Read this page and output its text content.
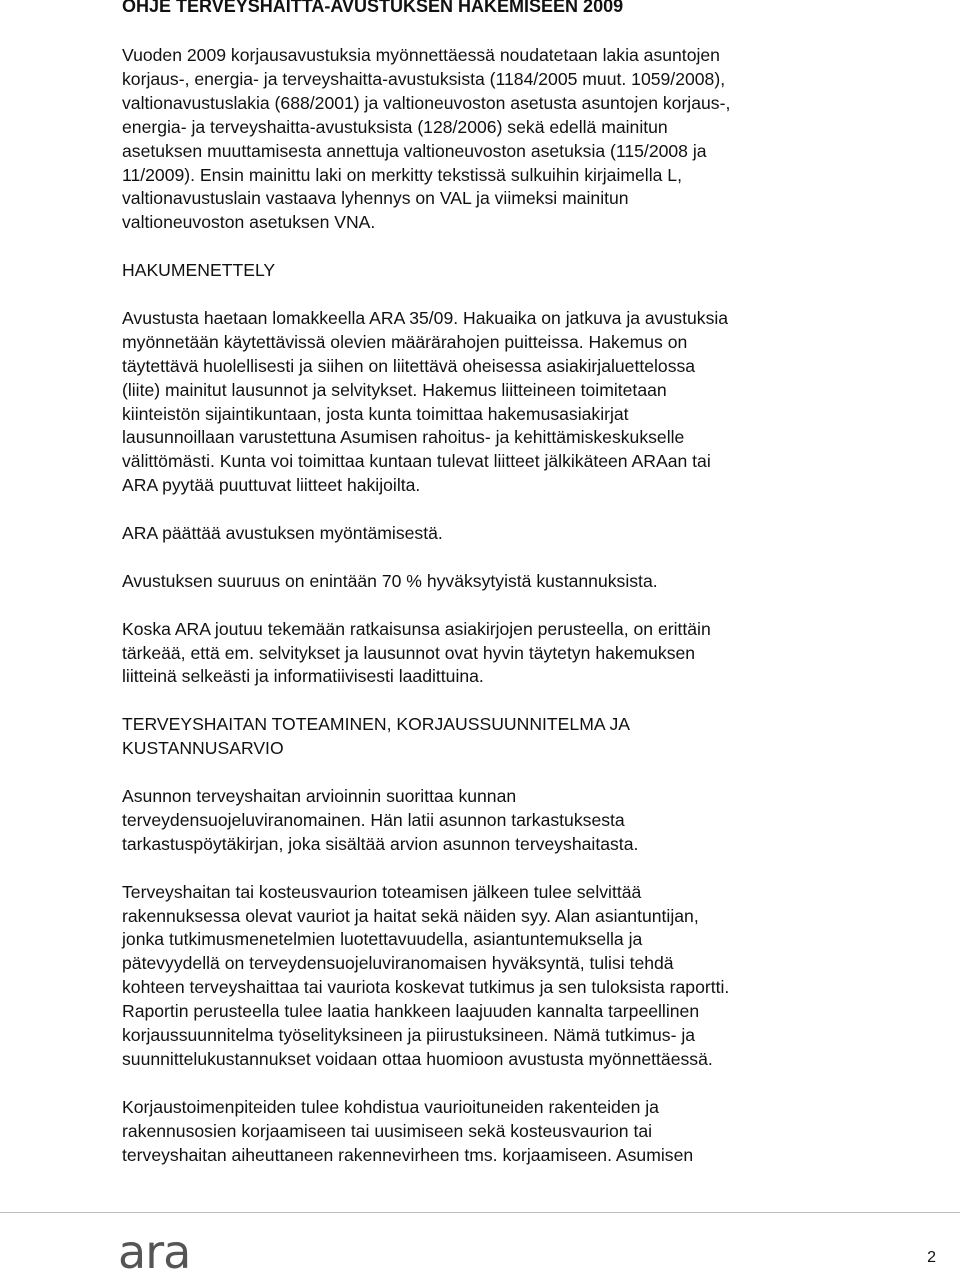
OHJE TERVEYSHAITTA-AVUSTUKSEN HAKEMISEEN 2009

Vuoden 2009 korjausavustuksia myönnettäessä noudatetaan lakia asuntojen
korjaus-, energia- ja terveyshaitta-avustuksista (1184/2005 muut. 1059/2008),
valtionavustuslakia (688/2001) ja valtioneuvoston asetusta asuntojen korjaus-,
energia- ja terveyshaitta-avustuksista (128/2006) sekä edellä mainitun
asetuksen muuttamisesta annettuja valtioneuvoston asetuksia (115/2008 ja
11/2009). Ensin mainittu laki on merkitty tekstissä sulkuihin kirjaimella L,
valtionavustuslain vastaava lyhennys on VAL ja viimeksi mainitun
valtioneuvoston asetuksen VNA.

HAKUMENETTELY

Avustusta haetaan lomakkeella ARA 35/09. Hakuaika on jatkuva ja avustuksia
myönnetään käytettävissä olevien määrärahojen puitteissa. Hakemus on
täytettävä huolellisesti ja siihen on liitettävä oheisessa asiakirjaluettelossa
(liite) mainitut lausunnot ja selvitykset. Hakemus liitteineen toimitetaan
kiinteistön sijaintikuntaan, josta kunta toimittaa hakemusasiakirjat
lausunnoillaan varustettuna Asumisen rahoitus- ja kehittämiskeskukselle
välittömästi. Kunta voi toimittaa kuntaan tulevat liitteet jälkikäteen ARAan tai
ARA pyytää puuttuvat liitteet hakijoilta.

ARA päättää avustuksen myöntämisestä.

Avustuksen suuruus on enintään 70 % hyväksytyistä kustannuksista.

Koska ARA joutuu tekemään ratkaisunsa asiakirjojen perusteella, on erittäin
tärkeää, että em. selvitykset ja lausunnot ovat hyvin täytetyn hakemuksen
liitteinä selkeästi ja informatiivisesti laadittuina.

TERVEYSHAITAN TOTEAMINEN, KORJAUSSUUNNITELMA JA
KUSTANNUSARVIO

Asunnon terveyshaitan arvioinnin suorittaa kunnan
terveydensuojeluviranomainen. Hän latii asunnon tarkastuksesta
tarkastuspöytäkirjan, joka sisältää arvion asunnon terveyshaitasta.

Terveyshaitan tai kosteusvaurion toteamisen jälkeen tulee selvittää
rakennuksessa olevat vauriot ja haitat sekä näiden syy. Alan asiantuntijan,
jonka tutkimusmenetelmien luotettavuudella, asiantuntemuksella ja
pätevyydellä on terveydensuojeluviranomaisen hyväksyntä, tulisi tehdä
kohteen terveyshaittaa tai vauriota koskevat tutkimus ja sen tuloksista raportti.
Raportin perusteella tulee laatia hankkeen laajuuden kannalta tarpeellinen
korjaussuunnitelma työselityksineen ja piirustuksineen. Nämä tutkimus- ja
suunnittelukustannukset voidaan ottaa huomioon avustusta myönnettäessä.

Korjaustoimenpiteiden tulee kohdistua vaurioituneiden rakenteiden ja
rakennusosien korjaamiseen tai uusimiseen sekä kosteusvaurion tai
terveyshaitan aiheuttaneen rakennevirheen tms. korjaamiseen. Asumisen

ara	2
